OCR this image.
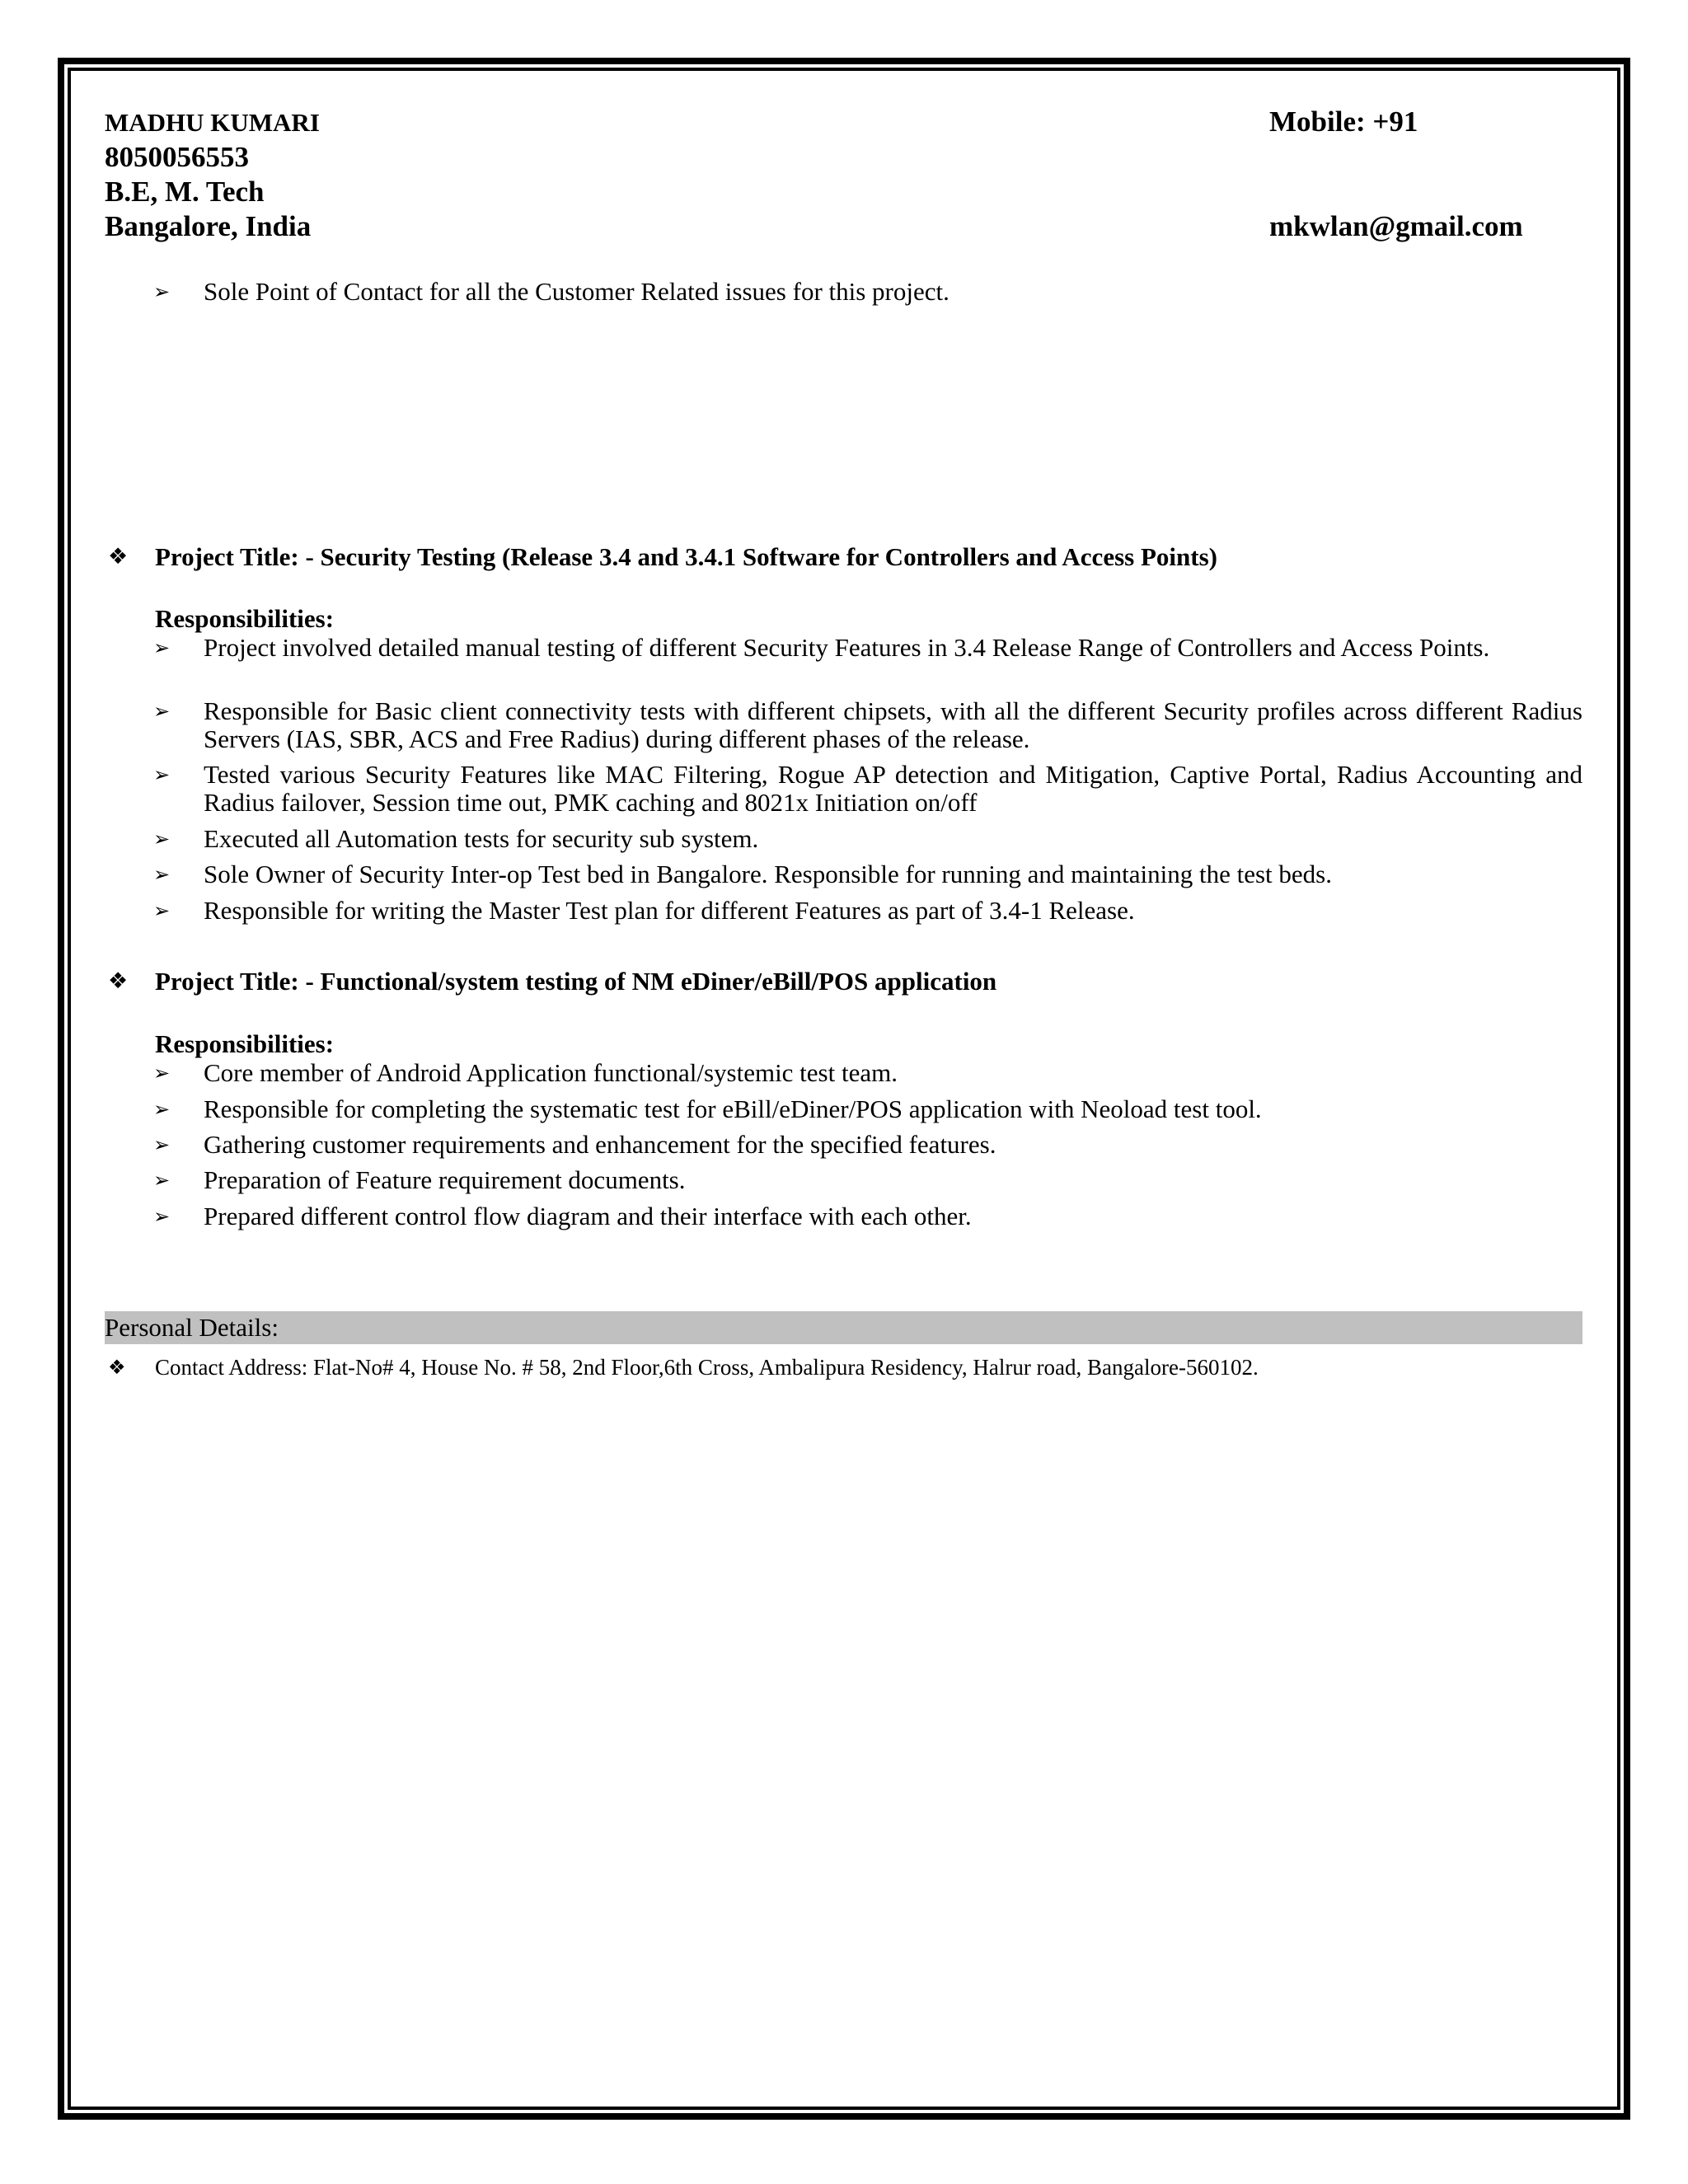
MADHU KUMARI	Mobile: +91
8050056553
B.E, M. Tech
Bangalore, India	mkwlan@gmail.com
➢ Sole Point of Contact for all the Customer Related issues for this project.
❖ Project Title: - Security Testing (Release 3.4 and 3.4.1 Software for Controllers and Access Points)
Responsibilities:
➢ Project involved detailed manual testing of different Security Features in 3.4 Release Range of Controllers and Access Points.
➢ Responsible for Basic client connectivity tests with different chipsets, with all the different Security profiles across different Radius Servers (IAS, SBR, ACS and Free Radius) during different phases of the release.
➢ Tested various Security Features like MAC Filtering, Rogue AP detection and Mitigation, Captive Portal, Radius Accounting and Radius failover, Session time out, PMK caching and 8021x Initiation on/off
➢ Executed all Automation tests for security sub system.
➢ Sole Owner of Security Inter-op Test bed in Bangalore. Responsible for running and maintaining the test beds.
➢ Responsible for writing the Master Test plan for different Features as part of 3.4-1 Release.
❖ Project Title: - Functional/system testing of NM eDiner/eBill/POS application
Responsibilities:
➢ Core member of Android Application functional/systemic test team.
➢ Responsible for completing the systematic test for eBill/eDiner/POS application with Neoload test tool.
➢ Gathering customer requirements and enhancement for the specified features.
➢ Preparation of Feature requirement documents.
➢ Prepared different control flow diagram and their interface with each other.
Personal Details:
❖ Contact Address: Flat-No# 4, House No. # 58, 2nd Floor,6th Cross, Ambalipura Residency, Halrur road, Bangalore-560102.
